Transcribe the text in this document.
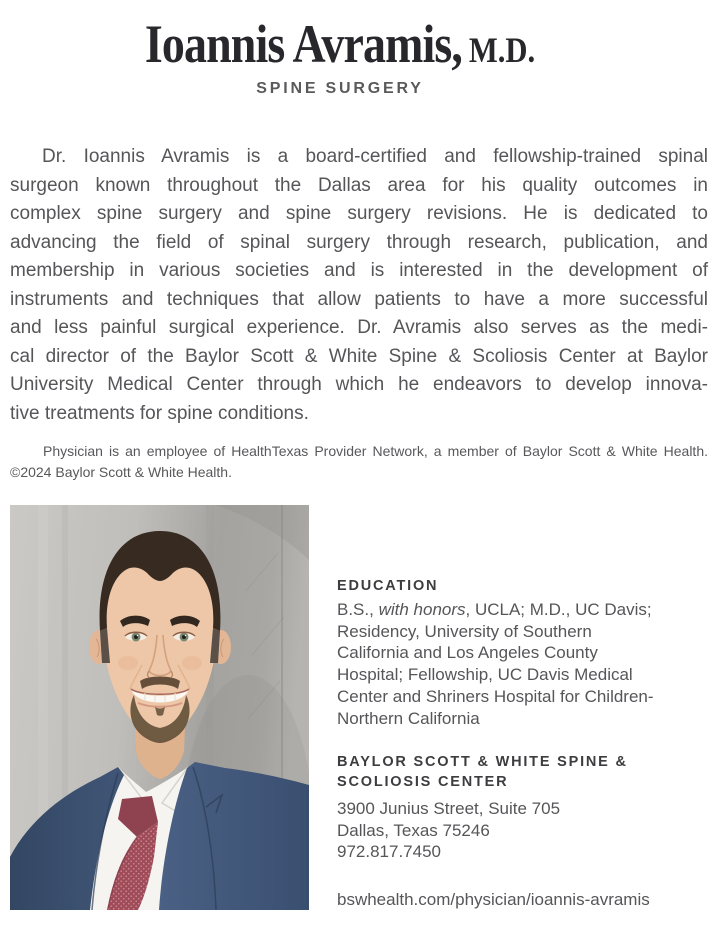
Ioannis Avramis, M.D.
SPINE SURGERY
Dr. Ioannis Avramis is a board-certified and fellowship-trained spinal
surgeon known throughout the Dallas area for his quality outcomes in
complex spine surgery and spine surgery revisions. He is dedicated to
advancing the field of spinal surgery through research, publication, and
membership in various societies and is interested in the development of
instruments and techniques that allow patients to have a more successful
and less painful surgical experience. Dr. Avramis also serves as the medi-
cal director of the Baylor Scott & White Spine & Scoliosis Center at Baylor
University Medical Center through which he endeavors to develop innova-
tive treatments for spine conditions.
Physician is an employee of HealthTexas Provider Network, a member of Baylor Scott & White Health.
©2024 Baylor Scott & White Health.
EDUCATION
B.S., with honors, UCLA; M.D., UC Davis;
Residency, University of Southern
California and Los Angeles County
Hospital; Fellowship, UC Davis Medical
Center and Shriners Hospital for Children-
Northern California
BAYLOR SCOTT & WHITE SPINE &
SCOLIOSIS CENTER
3900 Junius Street, Suite 705
Dallas, Texas 75246
972.817.7450
bswhealth.com/physician/ioannis-avramis
